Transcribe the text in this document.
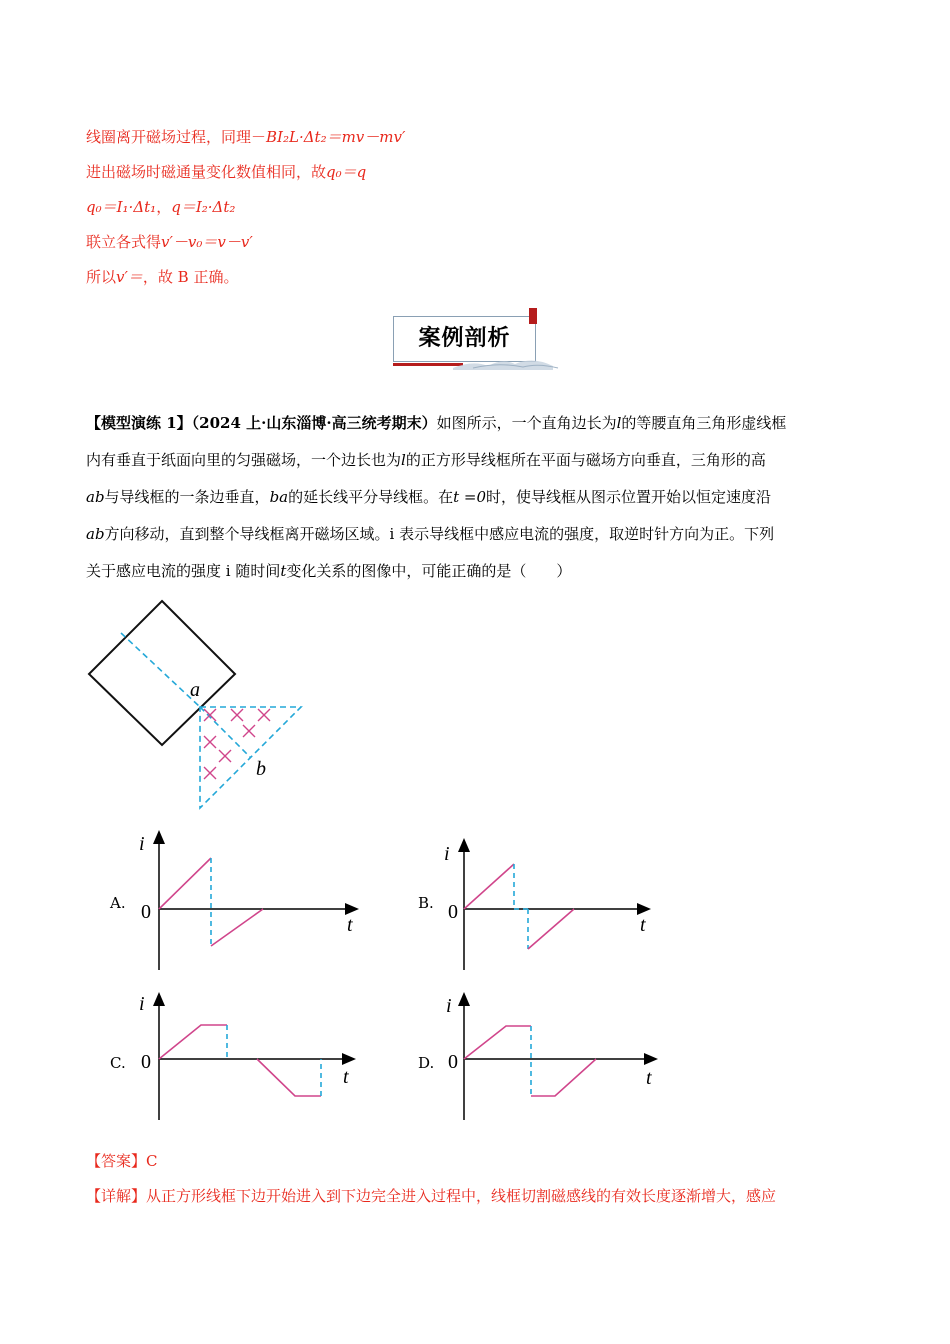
线圈离开磁场过程，同理－BI₂L·Δt₂＝mv－mv′
进出磁场时磁通量变化数值相同，故q₀＝q
q₀＝I₁·Δt₁，q＝I₂·Δt₂
联立各式得v′－v₀＝v－v′
所以v′＝，故 B 正确。
案例剖析
【模型演练 1】（2024 上·山东淄博·高三统考期末）如图所示，一个直角边长为l的等腰直角三角形虚线框
内有垂直于纸面向里的匀强磁场，一个边长也为l的正方形导线框所在平面与磁场方向垂直，三角形的高
ab与导线框的一条边垂直，ba的延长线平分导线框。在t =0时，使导线框从图示位置开始以恒定速度沿
ab方向移动，直到整个导线框离开磁场区域。i 表示导线框中感应电流的强度，取逆时针方向为正。下列
关于感应电流的强度 i 随时间t变化关系的图像中，可能正确的是（　　）
a
b
A.
i
t
0	B.
i
t
0
C.
i
t
0	D.
i
t
0
【答案】C
【详解】从正方形线框下边开始进入到下边完全进入过程中，线框切割磁感线的有效长度逐渐增大，感应
